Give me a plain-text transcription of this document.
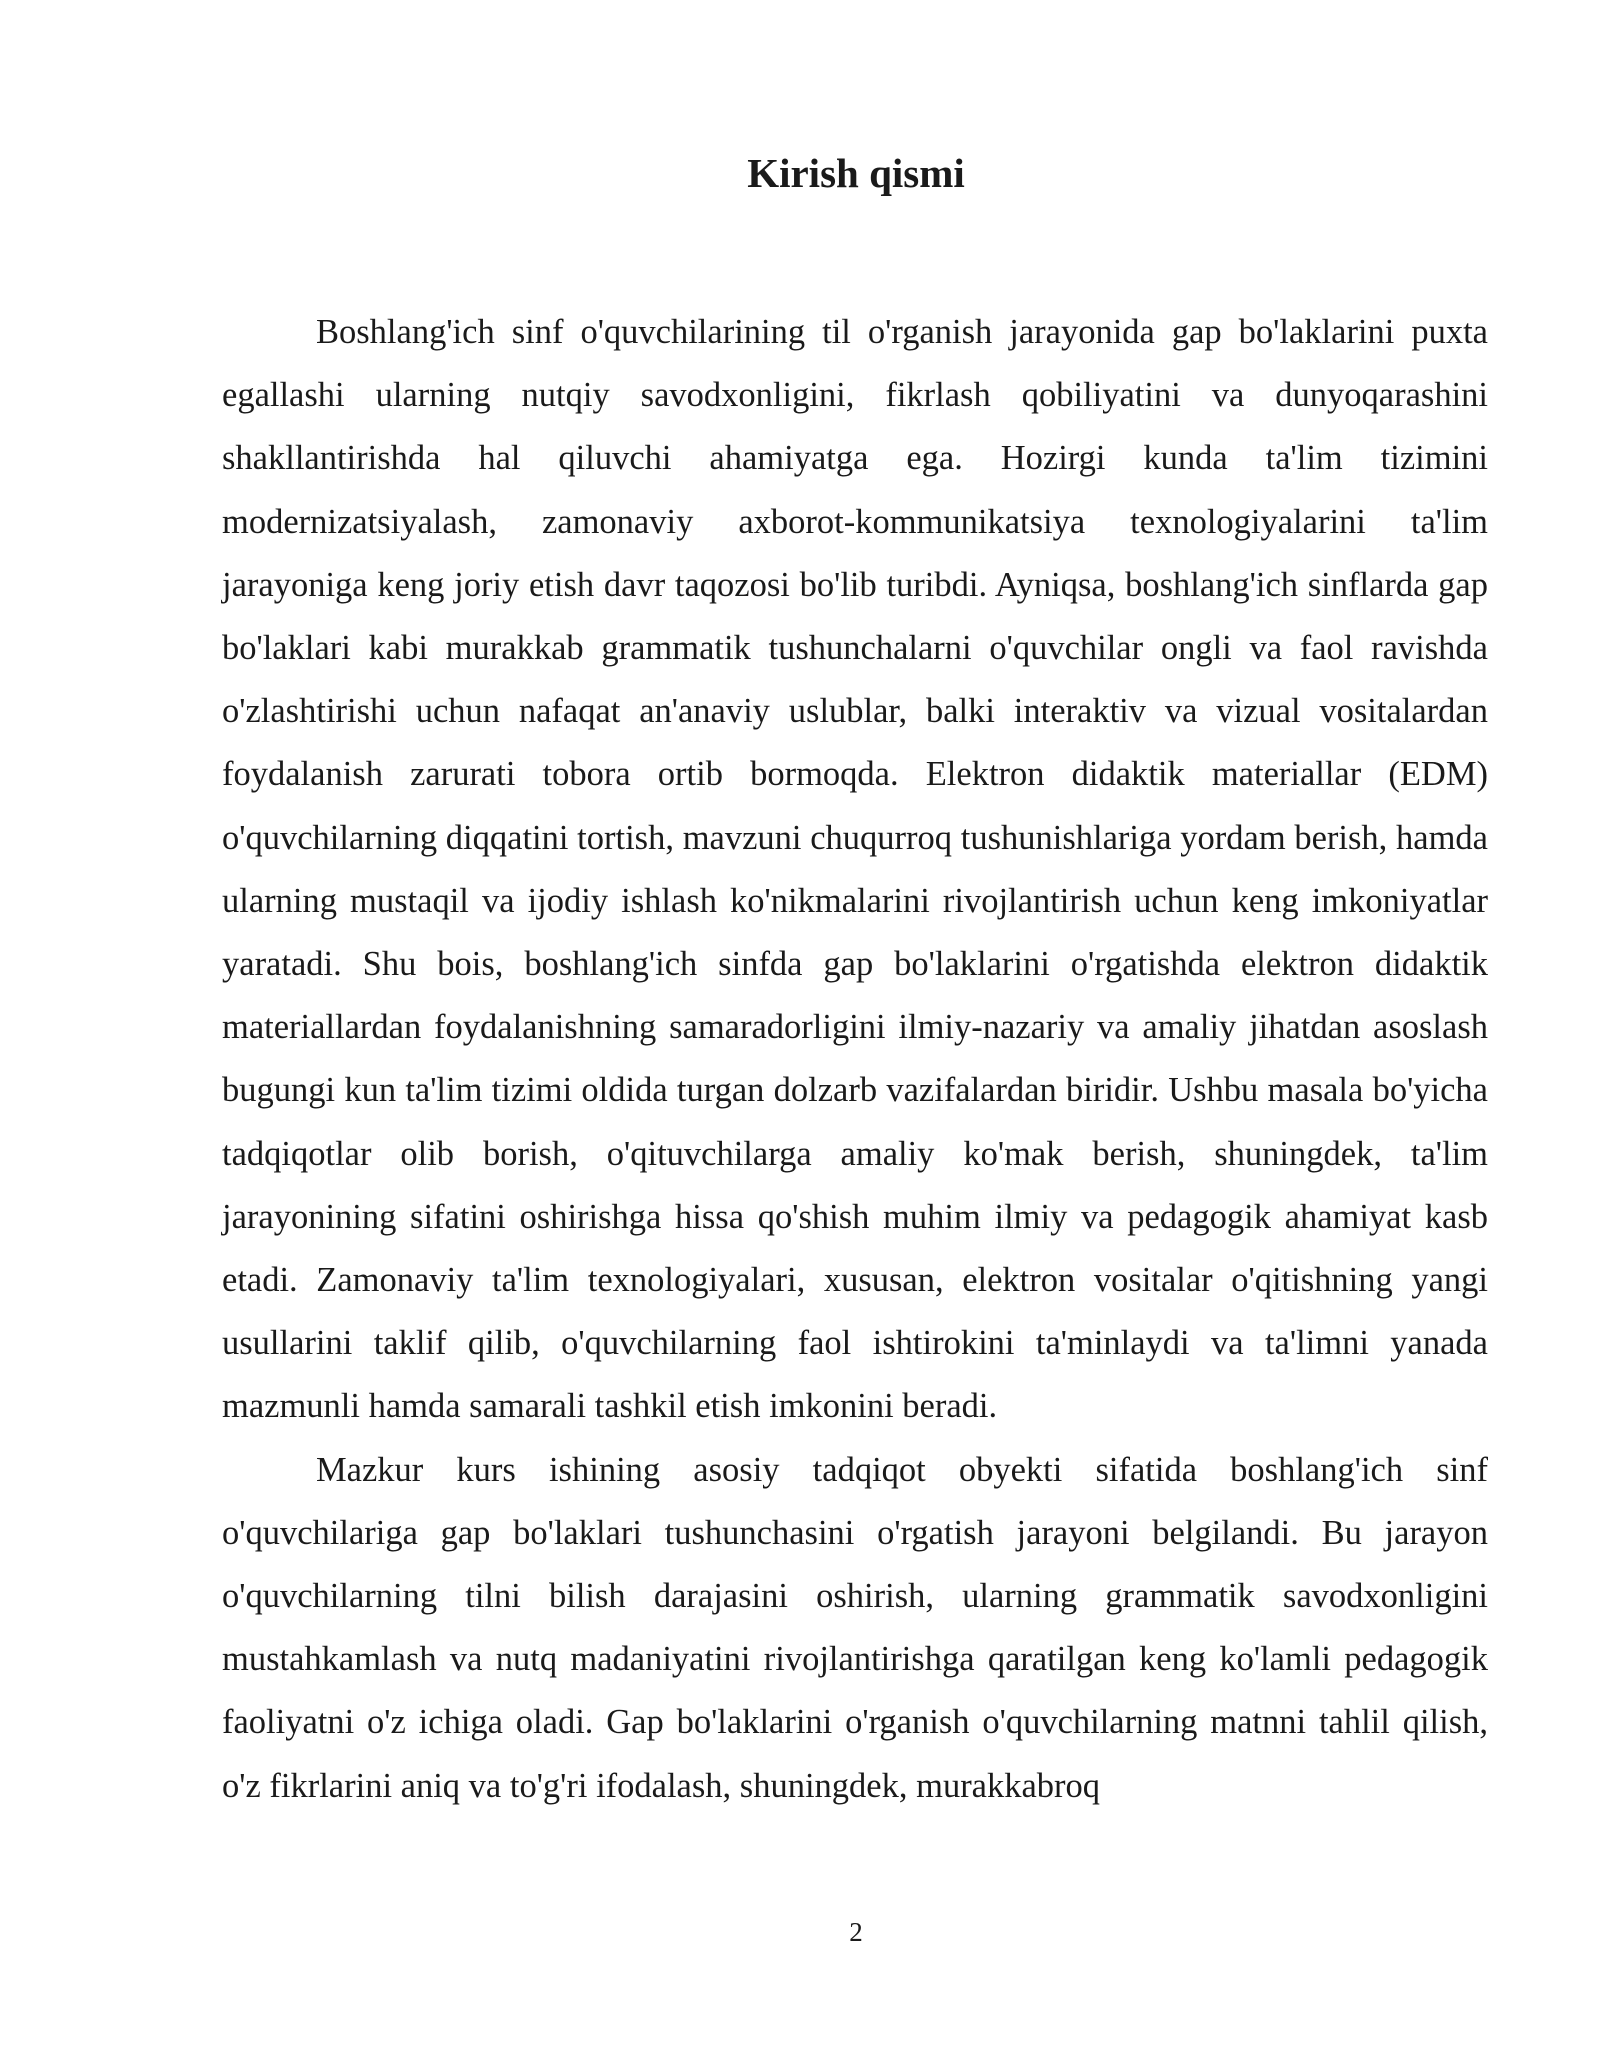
Kirish qismi

Boshlang'ich sinf o'quvchilarining til o'rganish jarayonida gap bo'laklarini puxta egallashi ularning nutqiy savodxonligini, fikrlash qobiliyatini va dunyoqarashini shakllantirishda hal qiluvchi ahamiyatga ega. Hozirgi kunda ta'lim tizimini modernizatsiyalash, zamonaviy axborot-kommunikatsiya texnologiyalarini ta'lim jarayoniga keng joriy etish davr taqozosi bo'lib turibdi. Ayniqsa, boshlang'ich sinflarda gap bo'laklari kabi murakkab grammatik tushunchalarni o'quvchilar ongli va faol ravishda o'zlashtirishi uchun nafaqat an'anaviy uslublar, balki interaktiv va vizual vositalardan foydalanish zarurati tobora ortib bormoqda. Elektron didaktik materiallar (EDM) o'quvchilarning diqqatini tortish, mavzuni chuqurroq tushunishlariga yordam berish, hamda ularning mustaqil va ijodiy ishlash ko'nikmalarini rivojlantirish uchun keng imkoniyatlar yaratadi. Shu bois, boshlang'ich sinfda gap bo'laklarini o'rgatishda elektron didaktik materiallardan foydalanishning samaradorligini ilmiy-nazariy va amaliy jihatdan asoslash bugungi kun ta'lim tizimi oldida turgan dolzarb vazifalardan biridir. Ushbu masala bo'yicha tadqiqotlar olib borish, o'qituvchilarga amaliy ko'mak berish, shuningdek, ta'lim jarayonining sifatini oshirishga hissa qo'shish muhim ilmiy va pedagogik ahamiyat kasb etadi. Zamonaviy ta'lim texnologiyalari, xususan, elektron vositalar o'qitishning yangi usullarini taklif qilib, o'quvchilarning faol ishtirokini ta'minlaydi va ta'limni yanada mazmunli hamda samarali tashkil etish imkonini beradi.

Mazkur kurs ishining asosiy tadqiqot obyekti sifatida boshlang'ich sinf o'quvchilariga gap bo'laklari tushunchasini o'rgatish jarayoni belgilandi. Bu jarayon o'quvchilarning tilni bilish darajasini oshirish, ularning grammatik savodxonligini mustahkamlash va nutq madaniyatini rivojlantirishga qaratilgan keng ko'lamli pedagogik faoliyatni o'z ichiga oladi. Gap bo'laklarini o'rganish o'quvchilarning matnni tahlil qilish, o'z fikrlarini aniq va to'g'ri ifodalash, shuningdek, murakkabroq

2
